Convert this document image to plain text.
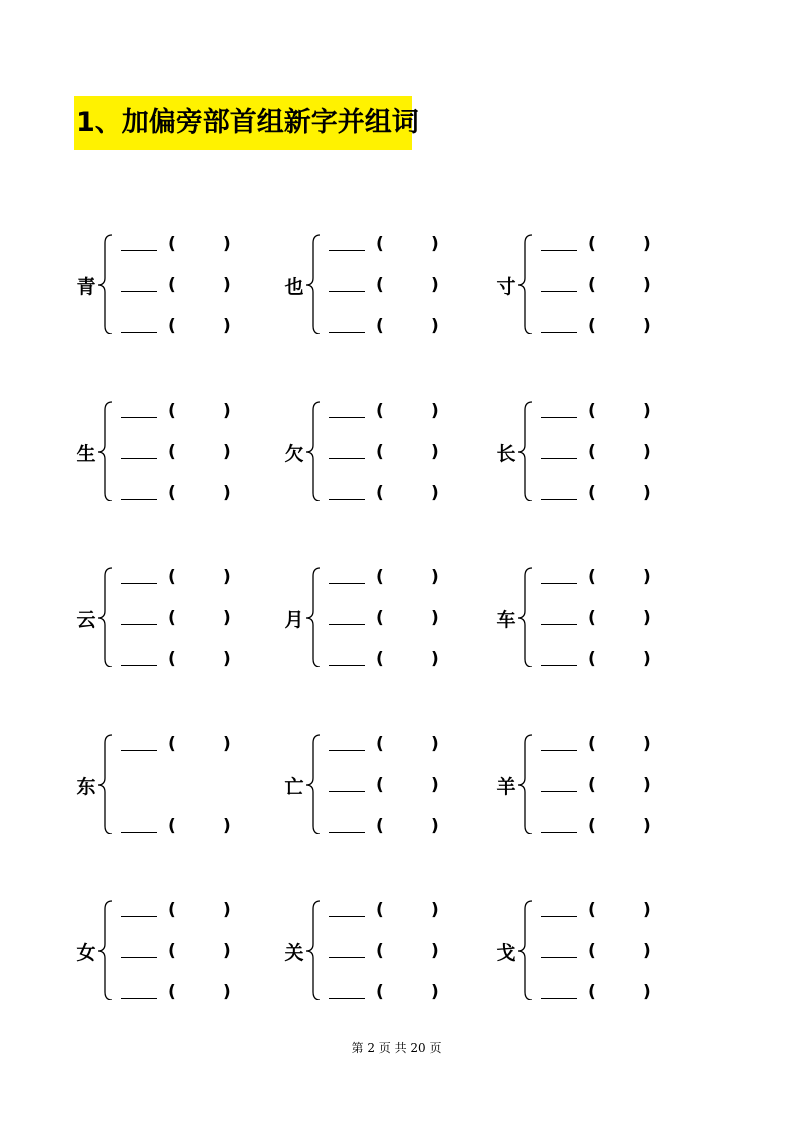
1、加偏旁部首组新字并组词
青
(	)
(	)
(	)
也
(	)
(	)
(	)
寸
(	)
(	)
(	)
生
(	)
(	)
(	)
欠
(	)
(	)
(	)
长
(	)
(	)
(	)
云
(	)
(	)
(	)
月
(	)
(	)
(	)
车
(	)
(	)
(	)
东
(	)
(	)
亡
(	)
(	)
(	)
羊
(	)
(	)
(	)
女
(	)
(	)
(	)
关
(	)
(	)
(	)
戈
(	)
(	)
(	)
第 2 页 共 20 页
